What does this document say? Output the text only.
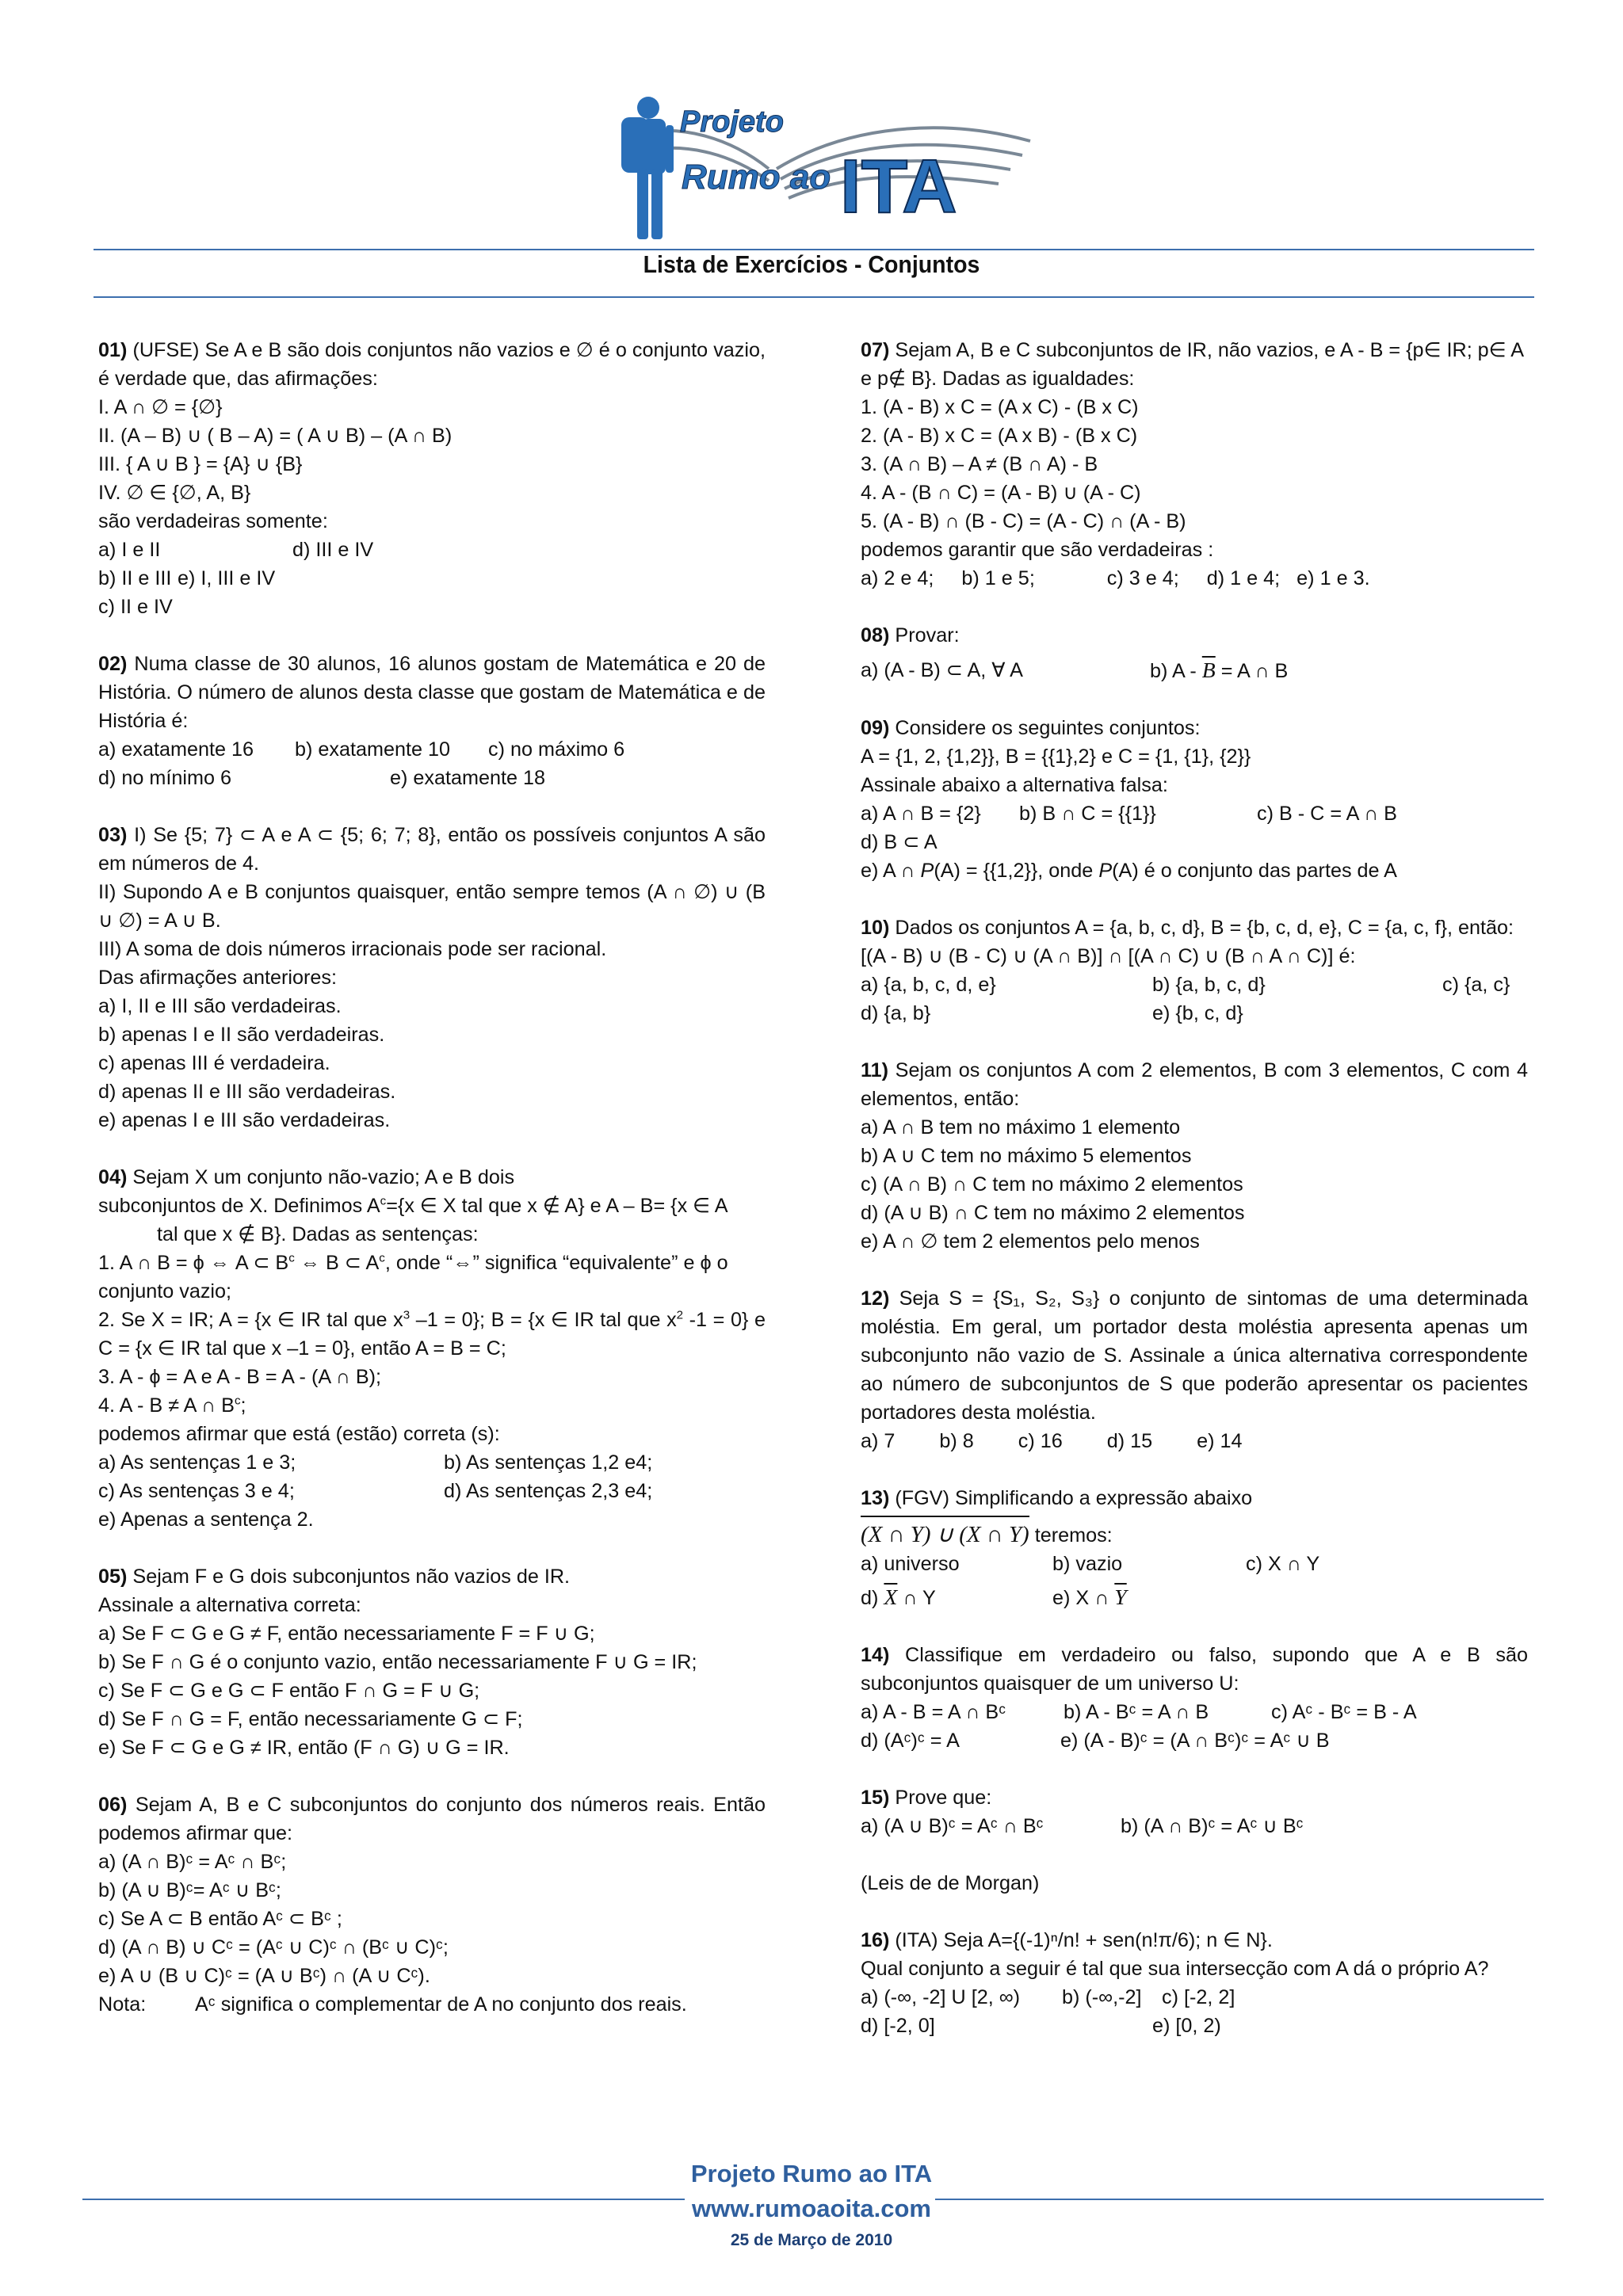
Projeto
Rumo ao ITA
Lista de Exercícios - Conjuntos

01) (UFSE) Se A e B são dois conjuntos não vazios e ∅ é o conjunto vazio, é verdade que, das afirmações:

I. A ∩ ∅ = {∅}

II. (A – B) ∪ ( B – A) = ( A ∪ B) – (A ∩ B)

III. { A ∪ B } = {A} ∪ {B}

IV. ∅ ∈ {∅, A, B}

são verdadeiras somente:

a) I e II	d) III e IV
b) II e III e) I, III e IV

c) II e IV

02) Numa classe de 30 alunos, 16 alunos gostam de Matemática e 20 de História. O número de alunos desta classe que gostam de Matemática e de História é:

a) exatamente 16	b) exatamente 10	c) no máximo 6
d) no mínimo 6	e) exatamente 18

03) I) Se {5; 7} ⊂ A e A ⊂ {5; 6; 7; 8}, então os possíveis conjuntos A são em números de 4.

II) Supondo A e B conjuntos quaisquer, então sempre temos (A ∩ ∅) ∪ (B ∪ ∅) = A ∪ B.

III) A soma de dois números irracionais pode ser racional.

Das afirmações anteriores:

a) I, II e III são verdadeiras.

b) apenas I e II são verdadeiras.

c) apenas III é verdadeira.

d) apenas II e III são verdadeiras.

e) apenas I e III são verdadeiras.

04) Sejam X um conjunto não-vazio; A e B dois

subconjuntos de X. Definimos $A^c=\{x$ ∈ X tal que x ∉ A} e A – B= {x ∈ A

tal que x ∉ B}. Dadas as sentenças:

1. A ∩ B = ϕ ⇔ A ⊂ $B^c$ ⇔ B ⊂ $A^c$, onde “⇔” significa “equivalente” e ϕ o conjunto vazio;

2. Se X = IR; A = {x ∈ IR tal que $x^3$ –1 = 0}; B = {x ∈ IR tal que $x^2$ -1 = 0} e C = {x ∈ IR tal que x –1 = 0}, então A = B = C;

3. A - ϕ = A e A - B = A - (A ∩ B);

4. A - B ≠ A ∩ $B^c$;

podemos afirmar que está (estão) correta (s):

a) As sentenças 1 e 3;	b) As sentenças 1,2 e4;
c) As sentenças 3 e 4;	d) As sentenças 2,3 e4;

e) Apenas a sentença 2.

05) Sejam F e G dois subconjuntos não vazios de IR.

Assinale a alternativa correta:

a) Se F ⊂ G e G ≠ F, então necessariamente F = F ∪ G;

b) Se F ∩ G é o conjunto vazio, então necessariamente F ∪ G = IR;

c) Se F ⊂ G e G ⊂ F então F ∩ G = F ∪ G;

d) Se F ∩ G = F, então necessariamente G ⊂ F;

e) Se F ⊂ G e G ≠ IR, então (F ∩ G) ∪ G = IR.

06) Sejam A, B e C subconjuntos do conjunto dos números reais. Então podemos afirmar que:

a) (A ∩ B)ᶜ = Aᶜ ∩ Bᶜ;

b) (A ∪ B)ᶜ= Aᶜ ∪ Bᶜ;

c) Se A ⊂ B então Aᶜ ⊂ Bᶜ ;

d) (A ∩ B) ∪ Cᶜ = (Aᶜ ∪ C)ᶜ ∩ (Bᶜ ∪ C)ᶜ;

e) A ∪ (B ∪ C)ᶜ = (A ∪ Bᶜ) ∩ (A ∪ Cᶜ).

Nota:	Aᶜ significa o complementar de A no conjunto dos reais.

07) Sejam A, B e C subconjuntos de IR, não vazios, e A - B = {p∈ IR; p∈ A e p∉ B}. Dadas as igualdades:

1. (A - B) x C = (A x C) - (B x C)

2. (A - B) x C = (A x B) - (B x C)

3. (A ∩ B) – A ≠ (B ∩ A) - B

4. A - (B ∩ C) = (A - B) ∪ (A - C)

5. (A - B) ∩ (B - C) = (A - C) ∩ (A - B)

podemos garantir que são verdadeiras :

a) 2 e 4;     b) 1 e 5;             c) 3 e 4;     d) 1 e 4;   e) 1 e 3.

08) Provar:

a) (A - B) ⊂ A, ∀ A	b) $A - \overline{B} = A$ ∩ B

09) Considere os seguintes conjuntos:

A = {1, 2, {1,2}}, B = {{1},2} e C = {1, {1}, {2}}

Assinale abaixo a alternativa falsa:

a) A ∩ B = {2}	b) B ∩ C = {{1}}	c) B - C = A ∩ B

d) B ⊂ A

e) A ∩ P(A) = {{1,2}}, onde P(A) é o conjunto das partes de A

10) Dados os conjuntos A = {a, b, c, d}, B = {b, c, d, e}, C = {a, c, f}, então:

[(A - B) ∪ (B - C) ∪ (A ∩ B)] ∩ [(A ∩ C) ∪ (B ∩ A ∩ C)] é:

a) {a, b, c, d, e}	b) {a, b, c, d}	c) {a, c}
d) {a, b}	e) {b, c, d}

11) Sejam os conjuntos A com 2 elementos, B com 3 elementos, C com 4 elementos, então:

a) A ∩ B tem no máximo 1 elemento

b) A ∪ C tem no máximo 5 elementos

c) (A ∩ B) ∩ C tem no máximo 2 elementos

d) (A ∪ B) ∩ C tem no máximo 2 elementos

e) A ∩ ∅ tem 2 elementos pelo menos

12) Seja S = {S₁, S₂, S₃} o conjunto de sintomas de uma determinada moléstia. Em geral, um portador desta moléstia apresenta apenas um subconjunto não vazio de S. Assinale a única alternativa correspondente ao número de subconjuntos de S que poderão apresentar os pacientes portadores desta moléstia.

a) 7        b) 8        c) 16        d) 15        e) 14

13) (FGV) Simplificando a expressão abaixo

(X ∩ Y) ∪ (X ∩ Y) teremos:

a) universo	b) vazio	c) X ∩ Y
d) $\overline{X}$ ∩ Y	e) X ∩ $\overline{Y}$

14) Classifique em verdadeiro ou falso, supondo que A e B são subconjuntos quaisquer de um universo U:

a) A - B = A ∩ Bᶜ	b) A - Bᶜ = A ∩ B	c) Aᶜ - Bᶜ = B - A
d) (Aᶜ)ᶜ = A	e) (A - B)ᶜ = (A ∩ Bᶜ)ᶜ = Aᶜ ∪ B

15) Prove que:

a) (A ∪ B)ᶜ = Aᶜ ∩ Bᶜ	b) (A ∩ B)ᶜ = Aᶜ ∪ Bᶜ

(Leis de de Morgan)

16) (ITA) Seja A={(-1)ⁿ/n! + sen(n!π/6); n ∈ N}.

Qual conjunto a seguir é tal que sua intersecção com A dá o próprio A?

a) (-∞, -2] U [2, ∞)	b) (-∞,-2]	c) [-2, 2]
d) [-2, 0]	e) [0, 2)
Projeto Rumo ao ITA
www.rumoaoita.com
25 de Março de 2010
